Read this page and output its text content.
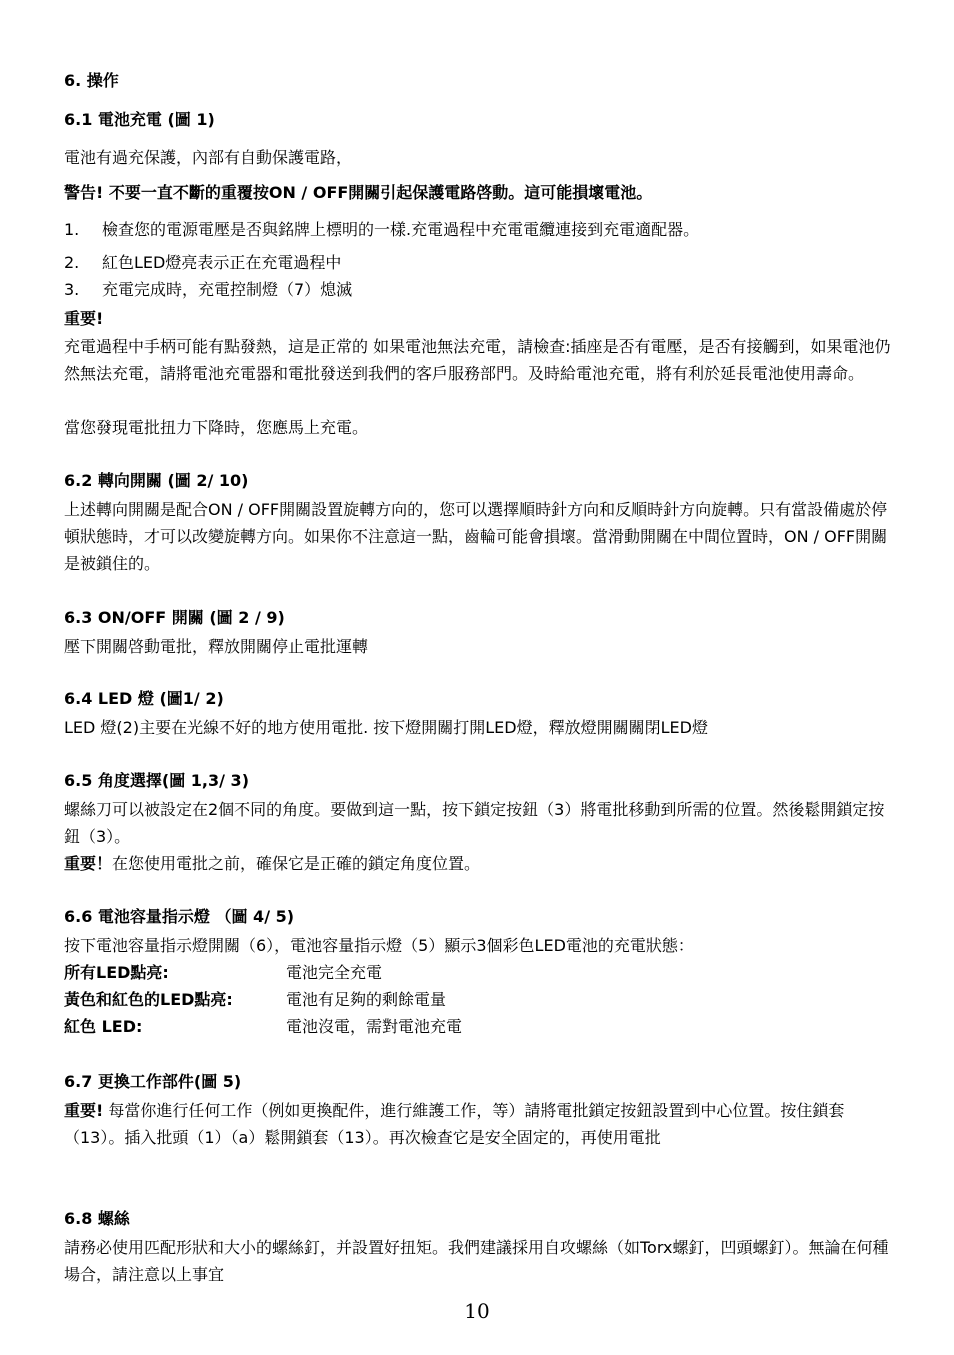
6. 操作
6.1 電池充電 (圖 1)
電池有過充保護，內部有自動保護電路，
警告! 不要一直不斷的重覆按ON / OFF開關引起保護電路啓動。這可能損壞電池。
1. 檢查您的電源電壓是否與銘牌上標明的一樣.充電過程中充電電纜連接到充電適配器。
2. 紅色LED燈亮表示正在充電過程中
3. 充電完成時，充電控制燈（7）熄滅
重要!
充電過程中手柄可能有點發熱，這是正常的 如果電池無法充電，請檢查:插座是否有電壓，是否有接觸到，如果電池仍然無法充電，請將電池充電器和電批發送到我們的客戶服務部門。及時給電池充電，將有利於延長電池使用壽命。
當您發現電批扭力下降時，您應馬上充電。
6.2 轉向開關 (圖 2/ 10)
上述轉向開關是配合ON / OFF開關設置旋轉方向的，您可以選擇順時針方向和反順時針方向旋轉。只有當設備處於停頓狀態時，才可以改變旋轉方向。如果你不注意這一點，齒輪可能會損壞。當滑動開關在中間位置時，ON / OFF開關是被鎖住的。
6.3 ON/OFF 開關 (圖 2 / 9)
壓下開關啓動電批，釋放開關停止電批運轉
6.4 LED 燈 (圖1/ 2)
LED 燈(2)主要在光線不好的地方使用電批. 按下燈開關打開LED燈，釋放燈開關關閉LED燈
6.5 角度選擇(圖 1,3/ 3)
螺絲刀可以被設定在2個不同的角度。要做到這一點，按下鎖定按鈕（3）將電批移動到所需的位置。然後鬆開鎖定按鈕（3）。
重要！在您使用電批之前，確保它是正確的鎖定角度位置。
6.6 電池容量指示燈 （圖 4/ 5)
按下電池容量指示燈開關（6），電池容量指示燈（5）顯示3個彩色LED電池的充電狀態：
所有LED點亮:	電池完全充電
黃色和紅色的LED點亮:	電池有足夠的剩餘電量
紅色 LED:	電池沒電，需對電池充電
6.7 更換工作部件(圖 5)
重要! 每當你進行任何工作（例如更換配件，進行維護工作，等）請將電批鎖定按鈕設置到中心位置。按住鎖套（13）。插入批頭（1）（a）鬆開鎖套（13）。再次檢查它是安全固定的，再使用電批
6.8 螺絲
請務必使用匹配形狀和大小的螺絲釘，并設置好扭矩。我們建議採用自攻螺絲（如Torx螺釘，凹頭螺釘）。無論在何種場合，請注意以上事宜
10
